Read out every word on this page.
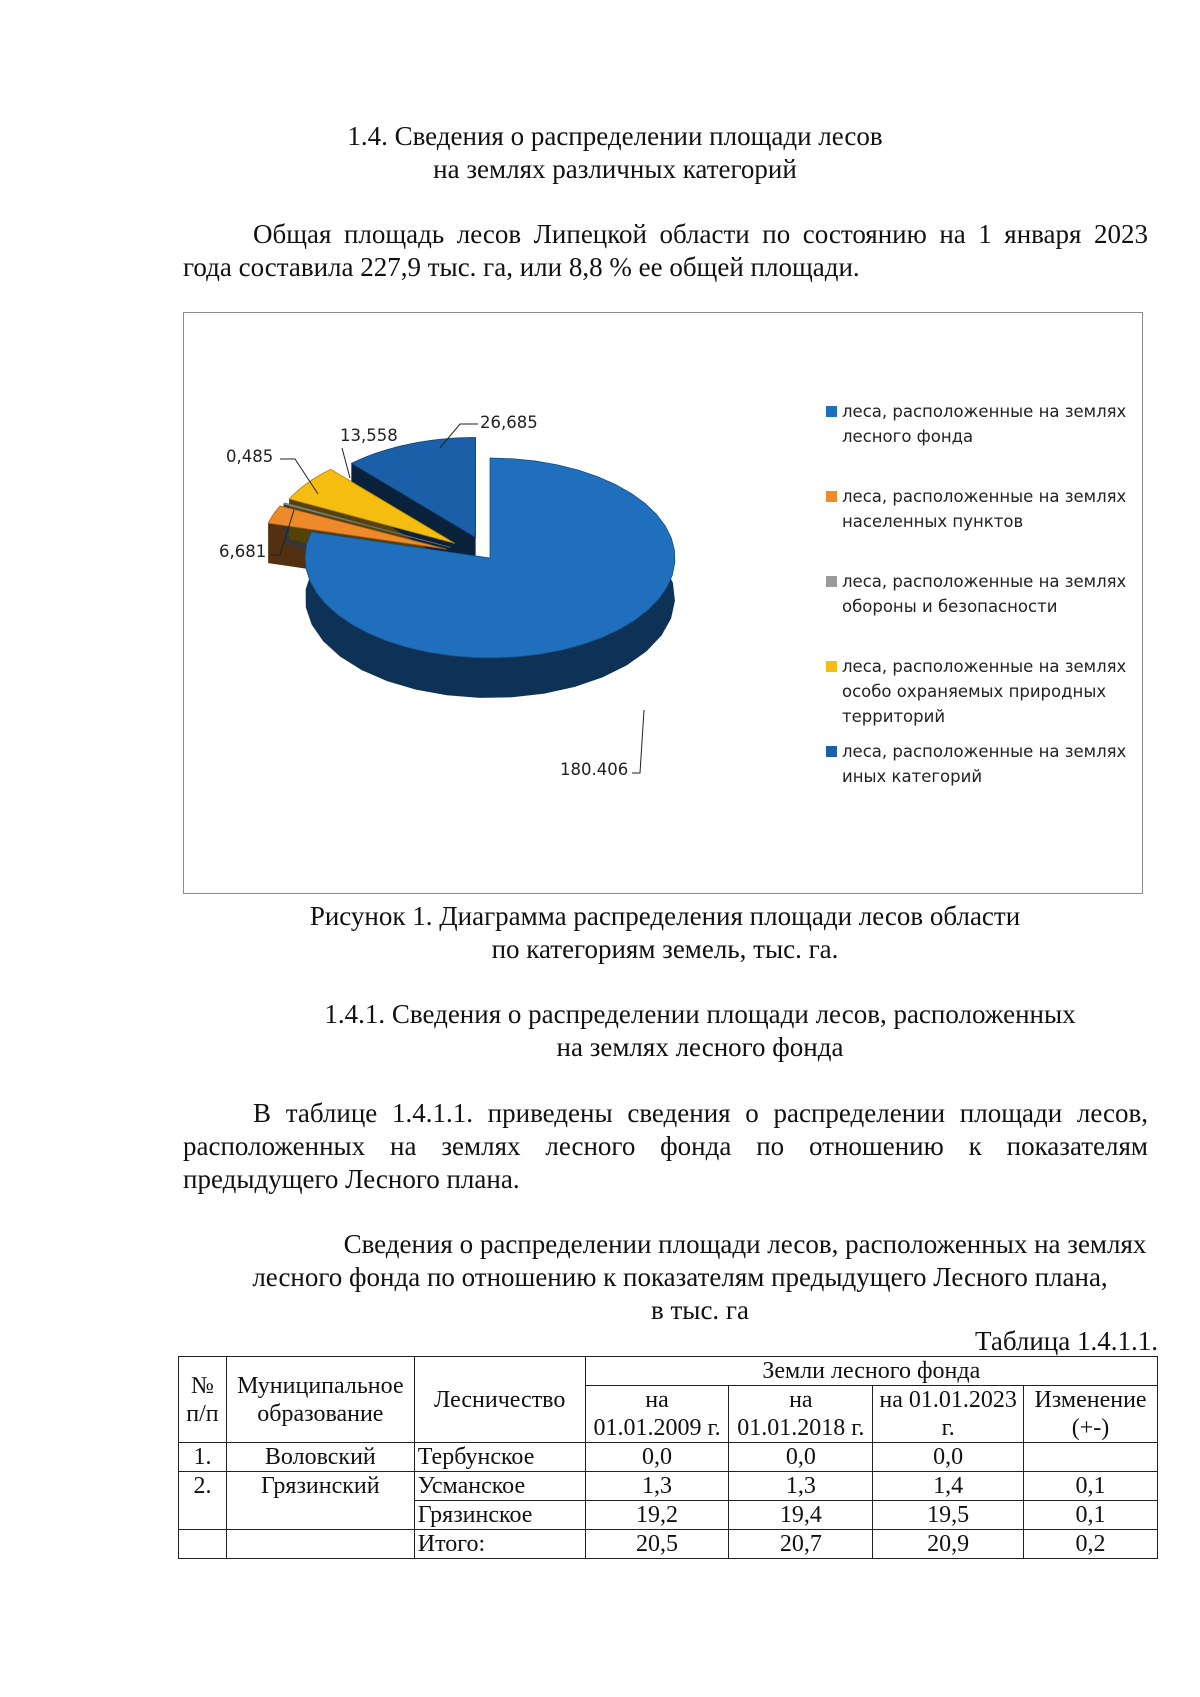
1.4. Сведения о распределении площади лесов
на землях различных категорий
Общая площадь лесов Липецкой области по состоянию на 1 января 2023
года составила 227,9 тыс. га, или 8,8 % ее общей площади.
180.406
6,681
0,485
13,558
26,685
леса, расположенные на землях
лесного фонда
леса, расположенные на землях
населенных пунктов
леса, расположенные на землях
обороны и безопасности
леса, расположенные на землях
особо охраняемых природных
территорий
леса, расположенные на землях
иных категорий
Рисунок 1. Диаграмма распределения площади лесов области
по категориям земель, тыс. га.
1.4.1. Сведения о распределении площади лесов, расположенных
на землях лесного фонда
В таблице 1.4.1.1. приведены сведения о распределении площади лесов,
расположенных на землях лесного фонда по отношению к показателям
предыдущего Лесного плана.
Сведения о распределении площади лесов, расположенных на землях
лесного фонда по отношению к показателям предыдущего Лесного плана,
в тыс. га
Таблица 1.4.1.1.
№ п/п	Муниципальное образование	Лесничество	Земли лесного фонда			
			на 01.01.2009 г.	на 01.01.2018 г.	на 01.01.2023 г.	Изменение (+-)
1.	Воловский	Тербунское	0,0	0,0	0,0	
2.	Грязинский	Усманское	1,3	1,3	1,4	0,1
		Грязинское	19,2	19,4	19,5	0,1
		Итого:	20,5	20,7	20,9	0,2
